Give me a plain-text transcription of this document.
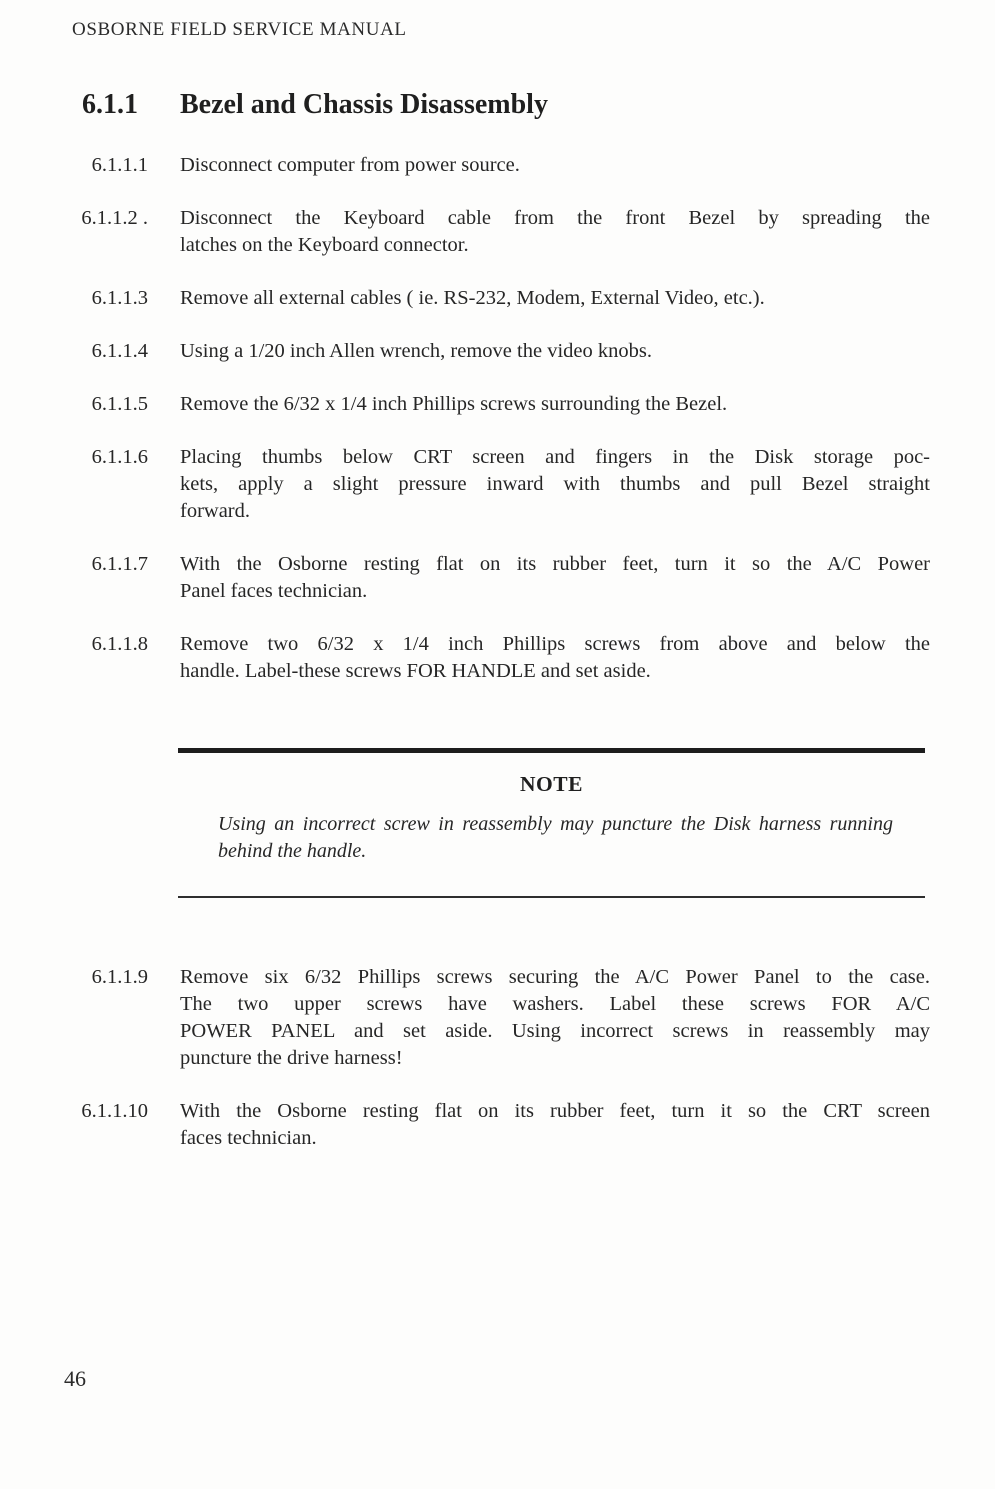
OSBORNE FIELD SERVICE MANUAL
6.1.1 Bezel and Chassis Disassembly
6.1.1.1 Disconnect computer from power source.
6.1.1.2 . Disconnect the Keyboard cable from the front Bezel by spreading the
latches on the Keyboard connector.
6.1.1.3 Remove all external cables ( ie. RS-232, Modem, External Video, etc.).
6.1.1.4 Using a 1/20 inch Allen wrench, remove the video knobs.
6.1.1.5 Remove the 6/32 x 1/4 inch Phillips screws surrounding the Bezel.
6.1.1.6 Placing thumbs below CRT screen and fingers in the Disk storage poc-
kets, apply a slight pressure inward with thumbs and pull Bezel straight
forward.
6.1.1.7 With the Osborne resting flat on its rubber feet, turn it so the A/C Power
Panel faces technician.
6.1.1.8 Remove two 6/32 x 1/4 inch Phillips screws from above and below the
handle. Label-these screws FOR HANDLE and set aside.
NOTE
Using an incorrect screw in reassembly may puncture the Disk harness running
behind the handle.
6.1.1.9 Remove six 6/32 Phillips screws securing the A/C Power Panel to the case.
The two upper screws have washers. Label these screws FOR A/C
POWER PANEL and set aside. Using incorrect screws in reassembly may
puncture the drive harness!
6.1.1.10 With the Osborne resting flat on its rubber feet, turn it so the CRT screen
faces technician.
46
